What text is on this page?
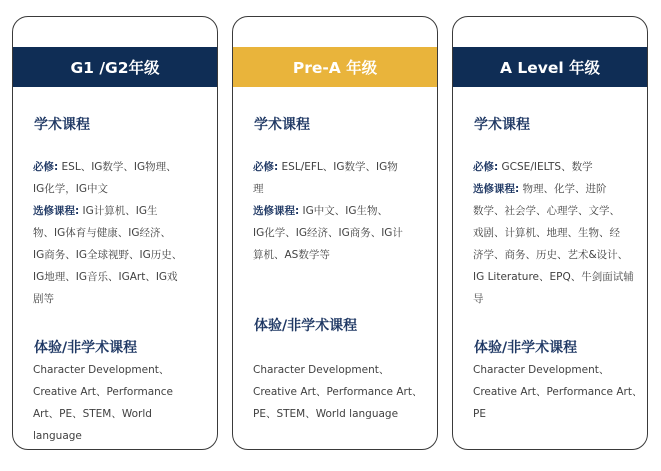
G1 /G2年级
学术课程
必修: ESL、IG数学、IG物理、
IG化学，IG中文
选修课程: IG计算机、IG生
物、IG体育与健康、IG经济、
IG商务、IG全球视野、IG历史、
IG地理、IG音乐、IGArt、IG戏
剧等
体验/非学术课程
Character Development、
Creative Art、Performance
Art、PE、STEM、World
language
Pre-A 年级
学术课程
必修: ESL/EFL、IG数学、IG物
理
选修课程: IG中文、IG生物、
IG化学、IG经济、IG商务、IG计
算机、AS数学等
体验/非学术课程
Character Development、
Creative Art、Performance Art、
PE、STEM、World language
A Level 年级
学术课程
必修: GCSE/IELTS、数学
选修课程: 物理、化学、进阶
数学、社会学、心理学、文学、
戏剧、计算机、地理、生物、经
济学、商务、历史、艺术&设计、
IG Literature、EPQ、牛剑面试辅
导
体验/非学术课程
Character Development、
Creative Art、Performance Art、
PE
